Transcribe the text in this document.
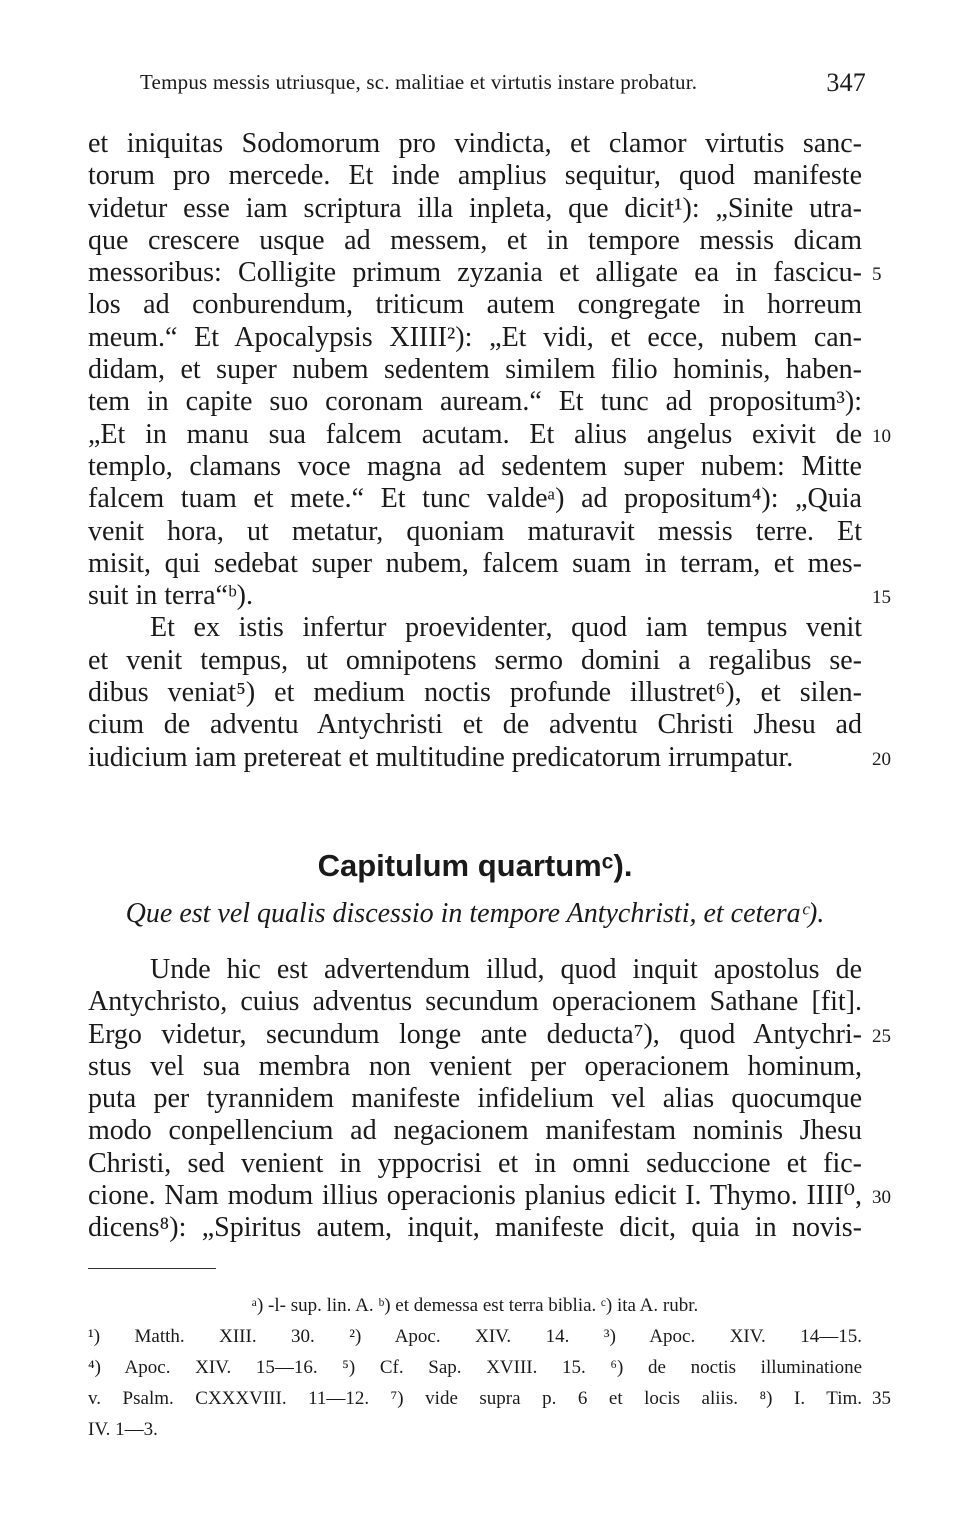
Tempus messis utriusque, sc. malitiae et virtutis instare probatur.	347
et iniquitas Sodomorum pro vindicta, et clamor virtutis sanc-
torum pro mercede. Et inde amplius sequitur, quod manifeste
videtur esse iam scriptura illa inpleta, que dicit¹): „Sinite utra-
que crescere usque ad messem, et in tempore messis dicam
messoribus: Colligite primum zyzania et alligate ea in fascicu- 5
los ad conburendum, triticum autem congregate in horreum
meum.“ Et Apocalypsis XIIII²): „Et vidi, et ecce, nubem can-
didam, et super nubem sedentem similem filio hominis, haben-
tem in capite suo coronam auream.“ Et tunc ad propositum³):
„Et in manu sua falcem acutam. Et alius angelus exivit de 10
templo, clamans voce magna ad sedentem super nubem: Mitte
falcem tuam et mete.“ Et tunc valdeᵃ) ad propositum⁴): „Quia
venit hora, ut metatur, quoniam maturavit messis terre. Et
misit, qui sedebat super nubem, falcem suam in terram, et mes-
suit in terra“ᵇ).	15
Et ex istis infertur proevidenter, quod iam tempus venit
et venit tempus, ut omnipotens sermo domini a regalibus se-
dibus veniat⁵) et medium noctis profunde illustret⁶), et silen-
cium de adventu Antychristi et de adventu Christi Jhesu ad
iudicium iam pretereat et multitudine predicatorum irrumpatur.	20
Capitulum quartumᶜ).
Que est vel qualis discessio in tempore Antychristi, et ceteraᶜ).
Unde hic est advertendum illud, quod inquit apostolus de
Antychristo, cuius adventus secundum operacionem Sathane [fit].
Ergo videtur, secundum longe ante deducta⁷), quod Antychri- 25
stus vel sua membra non venient per operacionem hominum,
puta per tyrannidem manifeste infidelium vel alias quocumque
modo conpellencium ad negacionem manifestam nominis Jhesu
Christi, sed venient in yppocrisi et in omni seduccione et fic-
cione. Nam modum illius operacionis planius edicit I. Thymo. IIII⁰, 30
dicens⁸): „Spiritus autem, inquit, manifeste dicit, quia in novis-
ᵃ) -l- sup. lin. A. ᵇ) et demessa est terra biblia. ᶜ) ita A. rubr.
¹) Matth. XIII. 30. ²) Apoc. XIV. 14. ³) Apoc. XIV. 14—15.
⁴) Apoc. XIV. 15—16. ⁵) Cf. Sap. XVIII. 15. ⁶) de noctis illuminatione
v. Psalm. CXXXVIII. 11—12. ⁷) vide supra p. 6 et locis aliis. ⁸) I. Tim. 35
IV. 1—3.
